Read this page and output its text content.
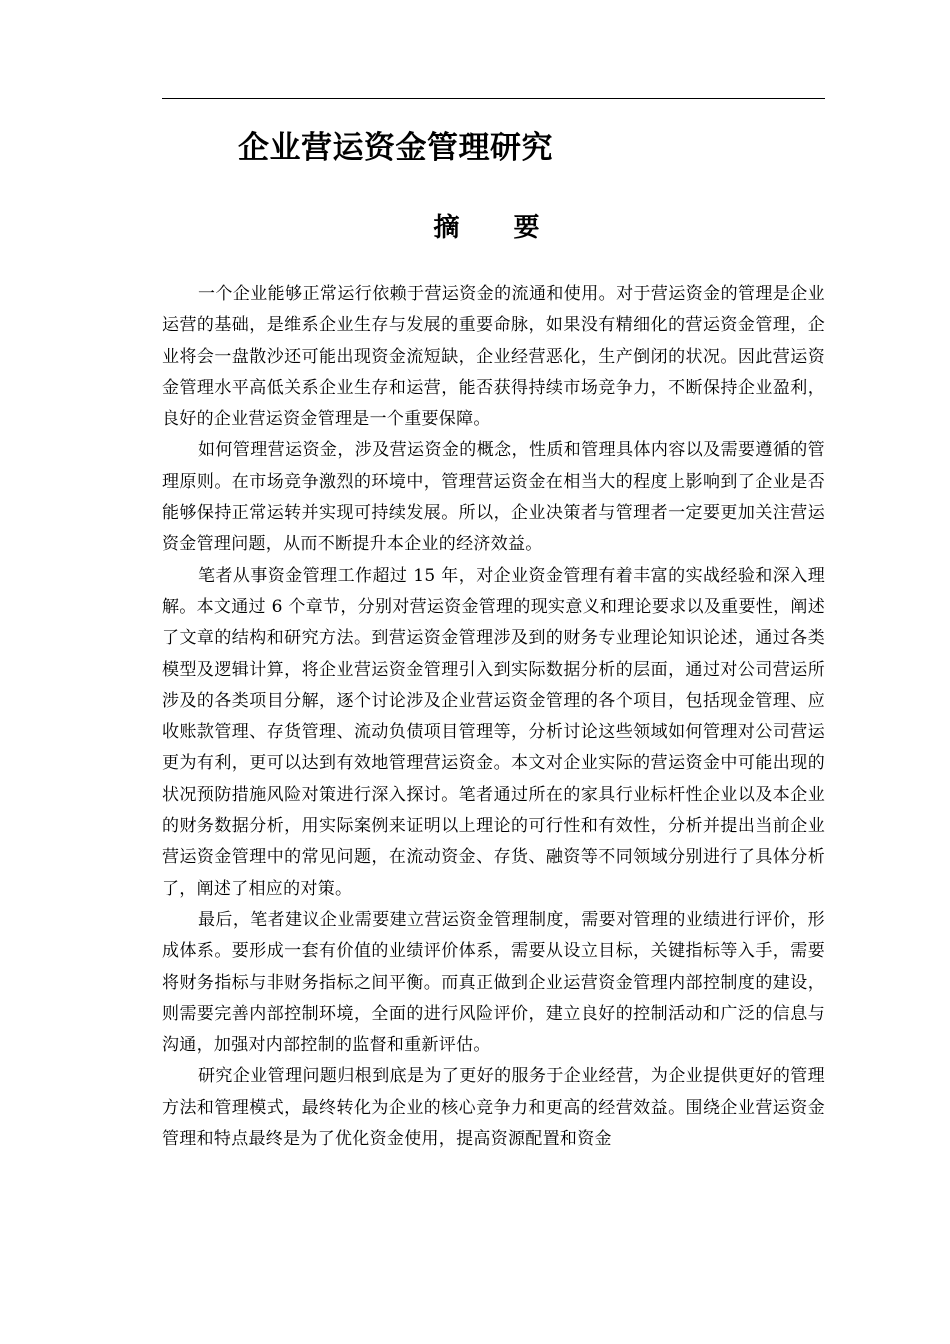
企业营运资金管理研究
摘　要

一个企业能够正常运行依赖于营运资金的流通和使用。对于营运资金的管理是企业运营的基础，是维系企业生存与发展的重要命脉，如果没有精细化的营运资金管理，企业将会一盘散沙还可能出现资金流短缺，企业经营恶化，生产倒闭的状况。因此营运资金管理水平高低关系企业生存和运营，能否获得持续市场竞争力，不断保持企业盈利，良好的企业营运资金管理是一个重要保障。

如何管理营运资金，涉及营运资金的概念，性质和管理具体内容以及需要遵循的管理原则。在市场竞争激烈的环境中，管理营运资金在相当大的程度上影响到了企业是否能够保持正常运转并实现可持续发展。所以，企业决策者与管理者一定要更加关注营运资金管理问题，从而不断提升本企业的经济效益。

笔者从事资金管理工作超过 15 年，对企业资金管理有着丰富的实战经验和深入理解。本文通过 6 个章节，分别对营运资金管理的现实意义和理论要求以及重要性，阐述了文章的结构和研究方法。到营运资金管理涉及到的财务专业理论知识论述，通过各类模型及逻辑计算，将企业营运资金管理引入到实际数据分析的层面，通过对公司营运所涉及的各类项目分解，逐个讨论涉及企业营运资金管理的各个项目，包括现金管理、应收账款管理、存货管理、流动负债项目管理等，分析讨论这些领域如何管理对公司营运更为有利，更可以达到有效地管理营运资金。本文对企业实际的营运资金中可能出现的状况预防措施风险对策进行深入探讨。笔者通过所在的家具行业标杆性企业以及本企业的财务数据分析，用实际案例来证明以上理论的可行性和有效性，分析并提出当前企业营运资金管理中的常见问题，在流动资金、存货、融资等不同领域分别进行了具体分析了，阐述了相应的对策。

最后，笔者建议企业需要建立营运资金管理制度，需要对管理的业绩进行评价，形成体系。要形成一套有价值的业绩评价体系，需要从设立目标，关键指标等入手，需要将财务指标与非财务指标之间平衡。而真正做到企业运营资金管理内部控制度的建设，则需要完善内部控制环境，全面的进行风险评价，建立良好的控制活动和广泛的信息与沟通，加强对内部控制的监督和重新评估。

研究企业管理问题归根到底是为了更好的服务于企业经营，为企业提供更好的管理方法和管理模式，最终转化为企业的核心竞争力和更高的经营效益。围绕企业营运资金管理和特点最终是为了优化资金使用，提高资源配置和资金
